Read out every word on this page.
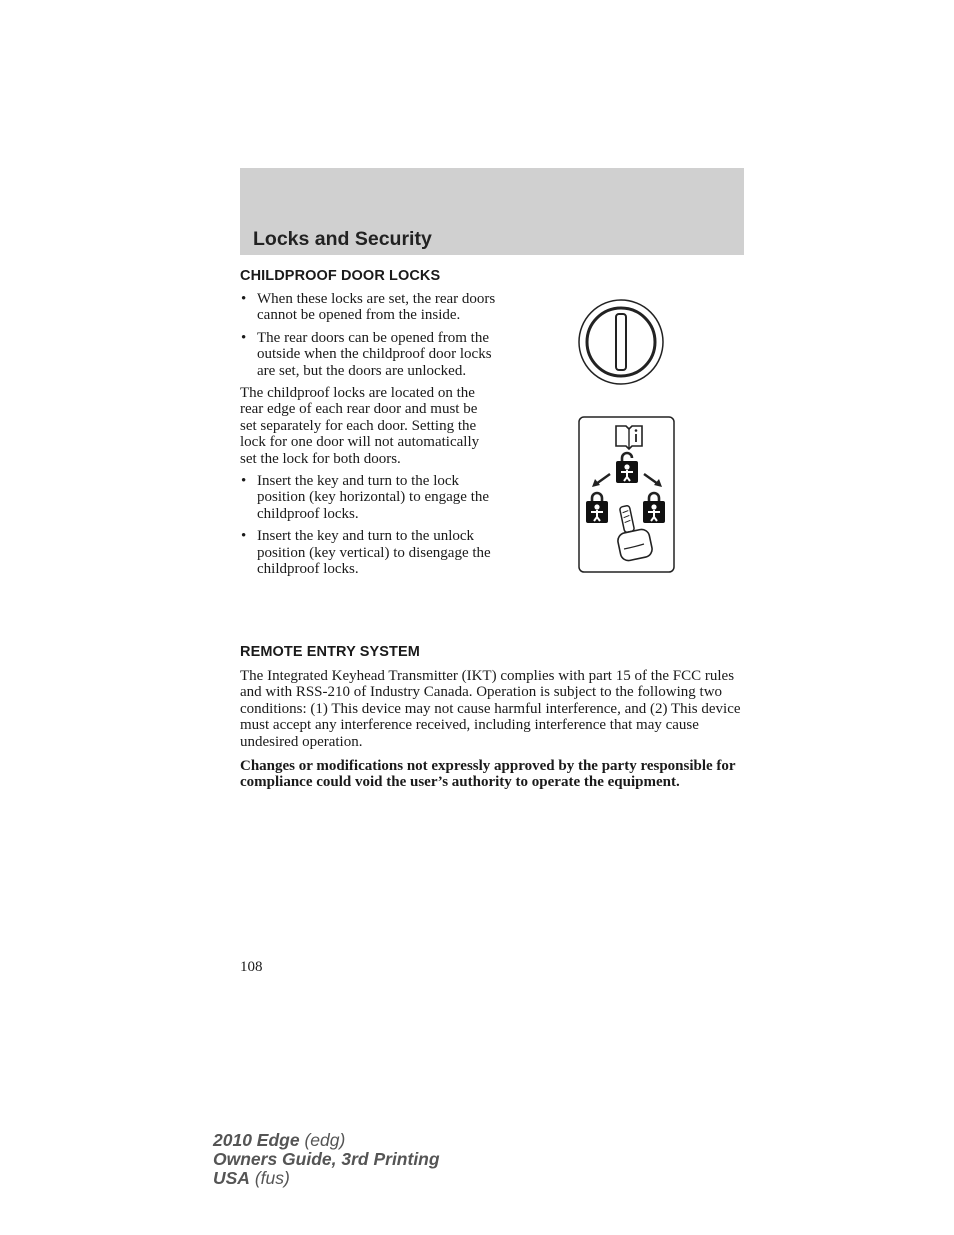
Locks and Security
CHILDPROOF DOOR LOCKS
• When these locks are set, the rear doors cannot be opened from the inside.
• The rear doors can be opened from the outside when the childproof door locks are set, but the doors are unlocked.

The childproof locks are located on the rear edge of each rear door and must be set separately for each door. Setting the lock for one door will not automatically set the lock for both doors.

• Insert the key and turn to the lock position (key horizontal) to engage the childproof locks.
• Insert the key and turn to the unlock position (key vertical) to disengage the childproof locks.
REMOTE ENTRY SYSTEM

The Integrated Keyhead Transmitter (IKT) complies with part 15 of the FCC rules and with RSS-210 of Industry Canada. Operation is subject to the following two conditions: (1) This device may not cause harmful interference, and (2) This device must accept any interference received, including interference that may cause undesired operation.

Changes or modifications not expressly approved by the party responsible for compliance could void the user’s authority to operate the equipment.

108

2010 Edge (edg)
Owners Guide, 3rd Printing
USA (fus)
